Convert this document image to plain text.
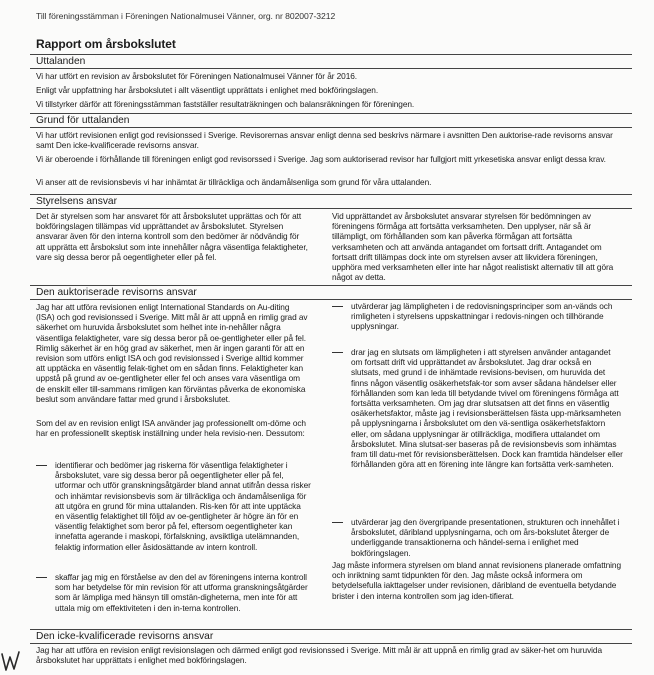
Till föreningsstämman i Föreningen Nationalmusei Vänner, org. nr 802007-3212
Rapport om årsbokslutet
Uttalanden
Vi har utfört en revision av årsbokslutet för Föreningen Nationalmusei Vänner för år 2016.
Enligt vår uppfattning har årsbokslutet i allt väsentligt upprättats i enlighet med bokföringslagen.
Vi tillstyrker därför att föreningsstämman fastställer resultaträkningen och balansräkningen för föreningen.
Grund för uttalanden
Vi har utfört revisionen enligt god revisionssed i Sverige. Revisorernas ansvar enligt denna sed beskrivs närmare i avsnitten Den auktorise-rade revisorns ansvar samt Den icke-kvalificerade revisorns ansvar.
Vi är oberoende i förhållande till föreningen enligt god revisorssed i Sverige. Jag som auktoriserad revisor har fullgjort mitt yrkesetiska ansvar enligt dessa krav.
Vi anser att de revisionsbevis vi har inhämtat är tillräckliga och ändamålsenliga som grund för våra uttalanden.
Styrelsens ansvar
Det är styrelsen som har ansvaret för att årsbokslutet upprättas och för att bokföringslagen tillämpas vid upprättandet av årsbokslutet. Styrelsen ansvarar även för den interna kontroll som den bedömer är nödvändig för att upprätta ett årsbokslut som inte innehåller några väsentliga felaktigheter, vare sig dessa beror på oegentligheter eller på fel.
Vid upprättandet av årsbokslutet ansvarar styrelsen för bedömningen av föreningens förmåga att fortsätta verksamheten. Den upplyser, när så är tillämpligt, om förhållanden som kan påverka förmågan att fortsätta verksamheten och att använda antagandet om fortsatt drift. Antagandet om fortsatt drift tillämpas dock inte om styrelsen avser att likvidera föreningen, upphöra med verksamheten eller inte har något realistiskt alternativ till att göra något av detta.
Den auktoriserade revisorns ansvar
Jag har att utföra revisionen enligt International Standards on Au-diting (ISA) och god revisionssed i Sverige. Mitt mål är att uppnå en rimlig grad av säkerhet om huruvida årsbokslutet som helhet inte in-nehåller några väsentliga felaktigheter, vare sig dessa beror på oe-gentligheter eller på fel. Rimlig säkerhet är en hög grad av säkerhet, men är ingen garanti för att en revision som utförs enligt ISA och god revisionssed i Sverige alltid kommer att upptäcka en väsentlig felak-tighet om en sådan finns. Felaktigheter kan uppstå på grund av oe-gentligheter eller fel och anses vara väsentliga om de enskilt eller till-sammans rimligen kan förväntas påverka de ekonomiska beslut som användare fattar med grund i årsbokslutet.
Som del av en revision enligt ISA använder jag professionellt om-döme och har en professionellt skeptisk inställning under hela revisio-nen. Dessutom:
identifierar och bedömer jag riskerna för väsentliga felaktigheter i årsbokslutet, vare sig dessa beror på oegentligheter eller på fel, utformar och utför granskningsåtgärder bland annat utifrån dessa risker och inhämtar revisionsbevis som är tillräckliga och ändamålsenliga för att utgöra en grund för mina uttalanden. Ris-ken för att inte upptäcka en väsentlig felaktighet till följd av oe-gentligheter är högre än för en väsentlig felaktighet som beror på fel, eftersom oegentligheter kan innefatta agerande i maskopi, förfalskning, avsiktliga utelämnanden, felaktig information eller åsidosättande av intern kontroll.
skaffar jag mig en förståelse av den del av föreningens interna kontroll som har betydelse för min revision för att utforma granskningsåtgärder som är lämpliga med hänsyn till omstän-digheterna, men inte för att uttala mig om effektiviteten i den in-terna kontrollen.
utvärderar jag lämpligheten i de redovisningsprinciper som an-vänds och rimligheten i styrelsens uppskattningar i redovis-ningen och tillhörande upplysningar.
drar jag en slutsats om lämpligheten i att styrelsen använder antagandet om fortsatt drift vid upprättandet av årsbokslutet. Jag drar också en slutsats, med grund i de inhämtade revisions-bevisen, om huruvida det finns någon väsentlig osäkerhetsfak-tor som avser sådana händelser eller förhållanden som kan leda till betydande tvivel om föreningens förmåga att fortsätta verksamheten. Om jag drar slutsatsen att det finns en väsentlig osäkerhetsfaktor, måste jag i revisionsberättelsen fästa upp-märksamheten på upplysningarna i årsbokslutet om den vä-sentliga osäkerhetsfaktorn eller, om sådana upplysningar är otillräckliga, modifiera uttalandet om årsbokslutet. Mina slutsat-ser baseras på de revisionsbevis som inhämtas fram till datu-met för revisionsberättelsen. Dock kan framtida händelser eller förhållanden göra att en förening inte längre kan fortsätta verk-samheten.
utvärderar jag den övergripande presentationen, strukturen och innehållet i årsbokslutet, däribland upplysningarna, och om års-bokslutet återger de underliggande transaktionerna och händel-serna i enlighet med bokföringslagen.
Jag måste informera styrelsen om bland annat revisionens planerade omfattning och inriktning samt tidpunkten för den. Jag måste också informera om betydelsefulla iakttagelser under revisionen, däribland de eventuella betydande brister i den interna kontrollen som jag iden-tifierat.
Den icke-kvalificerade revisorns ansvar
Jag har att utföra en revision enligt revisionslagen och därmed enligt god revisionssed i Sverige. Mitt mål är att uppnå en rimlig grad av säker-het om huruvida årsbokslutet har upprättats i enlighet med bokföringslagen.
